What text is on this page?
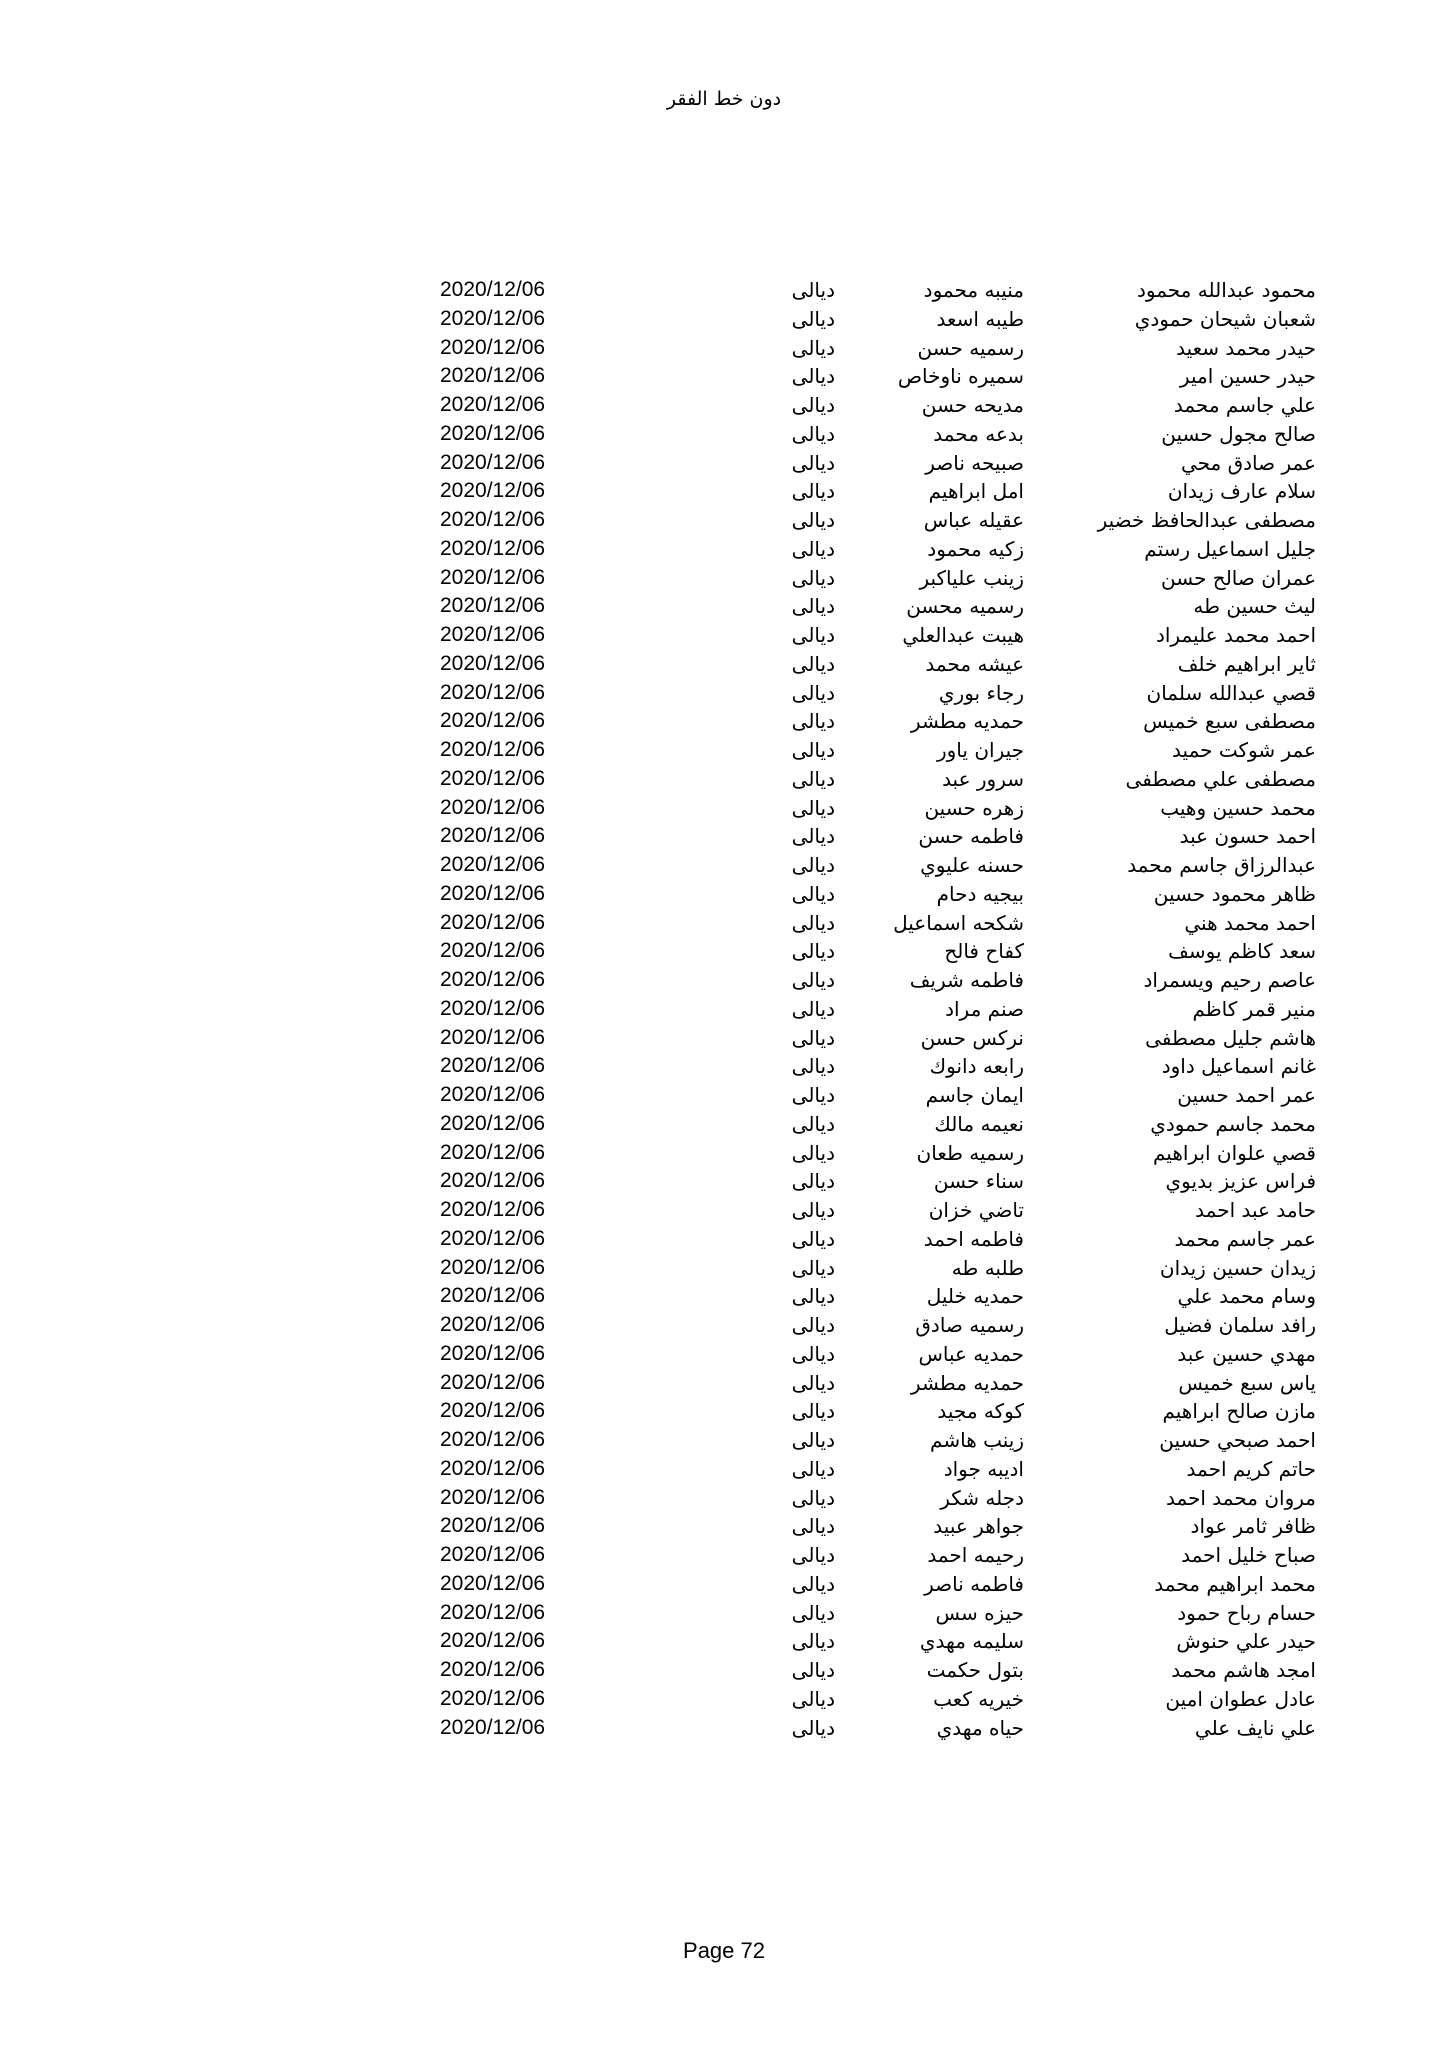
دون خط الفقر
محمود عبدالله محمود
منيبه محمود
ديالى
2020/12/06
شعبان شيحان حمودي
طيبه اسعد
ديالى
2020/12/06
حيدر محمد سعيد
رسميه حسن
ديالى
2020/12/06
حيدر حسين امير
سميره ناوخاص
ديالى
2020/12/06
علي جاسم محمد
مديحه حسن
ديالى
2020/12/06
صالح مجول حسين
بدعه محمد
ديالى
2020/12/06
عمر صادق محي
صبيحه ناصر
ديالى
2020/12/06
سلام عارف زيدان
امل ابراهيم
ديالى
2020/12/06
مصطفى عبدالحافظ خضير
عقيله عباس
ديالى
2020/12/06
جليل اسماعيل رستم
زكيه محمود
ديالى
2020/12/06
عمران صالح حسن
زينب علياكبر
ديالى
2020/12/06
ليث حسين طه
رسميه محسن
ديالى
2020/12/06
احمد محمد عليمراد
هيبت عبدالعلي
ديالى
2020/12/06
ثاير ابراهيم خلف
عيشه محمد
ديالى
2020/12/06
قصي عبدالله سلمان
رجاء بوري
ديالى
2020/12/06
مصطفى سبع خميس
حمديه مطشر
ديالى
2020/12/06
عمر شوكت حميد
جيران ياور
ديالى
2020/12/06
مصطفى علي مصطفى
سرور عبد
ديالى
2020/12/06
محمد حسين وهيب
زهره حسين
ديالى
2020/12/06
احمد حسون عبد
فاطمه حسن
ديالى
2020/12/06
عبدالرزاق جاسم محمد
حسنه عليوي
ديالى
2020/12/06
ظاهر محمود حسين
بيجيه دحام
ديالى
2020/12/06
احمد محمد هني
شكحه اسماعيل
ديالى
2020/12/06
سعد كاظم يوسف
كفاح فالح
ديالى
2020/12/06
عاصم رحيم ويسمراد
فاطمه شريف
ديالى
2020/12/06
منير قمر كاظم
صنم مراد
ديالى
2020/12/06
هاشم جليل مصطفى
نركس حسن
ديالى
2020/12/06
غانم اسماعيل داود
رابعه دانوك
ديالى
2020/12/06
عمر احمد حسين
ايمان جاسم
ديالى
2020/12/06
محمد جاسم حمودي
نعيمه مالك
ديالى
2020/12/06
قصي علوان ابراهيم
رسميه طعان
ديالى
2020/12/06
فراس عزيز بديوي
سناء حسن
ديالى
2020/12/06
حامد عبد احمد
تاضي خزان
ديالى
2020/12/06
عمر جاسم محمد
فاطمه احمد
ديالى
2020/12/06
زيدان حسين زيدان
طلبه طه
ديالى
2020/12/06
وسام محمد علي
حمديه خليل
ديالى
2020/12/06
رافد سلمان فضيل
رسميه صادق
ديالى
2020/12/06
مهدي حسين عبد
حمديه عباس
ديالى
2020/12/06
ياس سبع خميس
حمديه مطشر
ديالى
2020/12/06
مازن صالح ابراهيم
كوكه مجيد
ديالى
2020/12/06
احمد صبحي حسين
زينب هاشم
ديالى
2020/12/06
حاتم كريم احمد
اديبه جواد
ديالى
2020/12/06
مروان محمد احمد
دجله شكر
ديالى
2020/12/06
ظافر ثامر عواد
جواهر عبيد
ديالى
2020/12/06
صباح خليل احمد
رحيمه احمد
ديالى
2020/12/06
محمد ابراهيم محمد
فاطمه ناصر
ديالى
2020/12/06
حسام رباح حمود
حيزه سس
ديالى
2020/12/06
حيدر علي حنوش
سليمه مهدي
ديالى
2020/12/06
امجد هاشم محمد
بتول حكمت
ديالى
2020/12/06
عادل عطوان امين
خيريه كعب
ديالى
2020/12/06
علي نايف علي
حياه مهدي
ديالى
2020/12/06
Page 72
